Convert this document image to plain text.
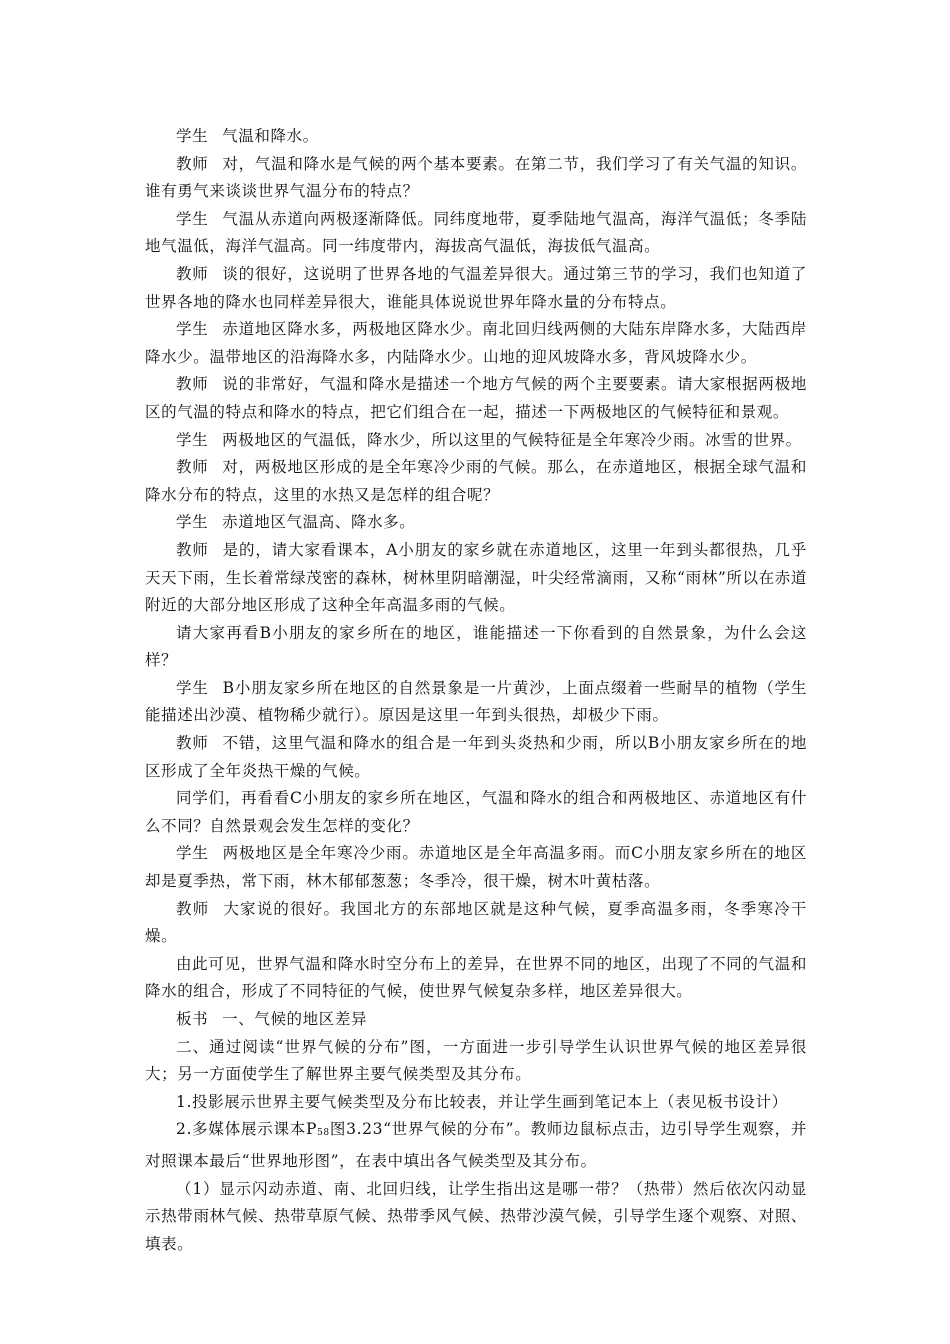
学生 气温和降水。

教师 对，气温和降水是气候的两个基本要素。在第二节，我们学习了有关气温的知识。谁有勇气来谈谈世界气温分布的特点？

学生 气温从赤道向两极逐渐降低。同纬度地带，夏季陆地气温高，海洋气温低；冬季陆地气温低，海洋气温高。同一纬度带内，海拔高气温低，海拔低气温高。

教师 谈的很好，这说明了世界各地的气温差异很大。通过第三节的学习，我们也知道了世界各地的降水也同样差异很大，谁能具体说说世界年降水量的分布特点。

学生 赤道地区降水多，两极地区降水少。南北回归线两侧的大陆东岸降水多，大陆西岸降水少。温带地区的沿海降水多，内陆降水少。山地的迎风坡降水多，背风坡降水少。

教师 说的非常好，气温和降水是描述一个地方气候的两个主要要素。请大家根据两极地区的气温的特点和降水的特点，把它们组合在一起，描述一下两极地区的气候特征和景观。

学生 两极地区的气温低，降水少，所以这里的气候特征是全年寒冷少雨。冰雪的世界。

教师 对，两极地区形成的是全年寒冷少雨的气候。那么，在赤道地区，根据全球气温和降水分布的特点，这里的水热又是怎样的组合呢？

学生 赤道地区气温高、降水多。

教师 是的，请大家看课本，A小朋友的家乡就在赤道地区，这里一年到头都很热，几乎天天下雨，生长着常绿茂密的森林，树林里阴暗潮湿，叶尖经常滴雨，又称“雨林”所以在赤道附近的大部分地区形成了这种全年高温多雨的气候。

请大家再看B小朋友的家乡所在的地区，谁能描述一下你看到的自然景象，为什么会这样？

学生 B小朋友家乡所在地区的自然景象是一片黄沙，上面点缀着一些耐旱的植物（学生能描述出沙漠、植物稀少就行）。原因是这里一年到头很热，却极少下雨。

教师 不错，这里气温和降水的组合是一年到头炎热和少雨，所以B小朋友家乡所在的地区形成了全年炎热干燥的气候。

同学们，再看看C小朋友的家乡所在地区，气温和降水的组合和两极地区、赤道地区有什么不同？自然景观会发生怎样的变化？

学生 两极地区是全年寒冷少雨。赤道地区是全年高温多雨。而C小朋友家乡所在的地区却是夏季热，常下雨，林木郁郁葱葱；冬季冷，很干燥，树木叶黄枯落。

教师 大家说的很好。我国北方的东部地区就是这种气候，夏季高温多雨，冬季寒冷干燥。

由此可见，世界气温和降水时空分布上的差异，在世界不同的地区，出现了不同的气温和降水的组合，形成了不同特征的气候，使世界气候复杂多样，地区差异很大。

板书 一、气候的地区差异

二、通过阅读“世界气候的分布”图，一方面进一步引导学生认识世界气候的地区差异很大；另一方面使学生了解世界主要气候类型及其分布。

1.投影展示世界主要气候类型及分布比较表，并让学生画到笔记本上（表见板书设计）

2.多媒体展示课本$P_{58}$图3.23“世界气候的分布”。教师边鼠标点击，边引导学生观察，并对照课本最后“世界地形图”，在表中填出各气候类型及其分布。

（1）显示闪动赤道、南、北回归线，让学生指出这是哪一带？（热带）然后依次闪动显示热带雨林气候、热带草原气候、热带季风气候、热带沙漠气候，引导学生逐个观察、对照、填表。
